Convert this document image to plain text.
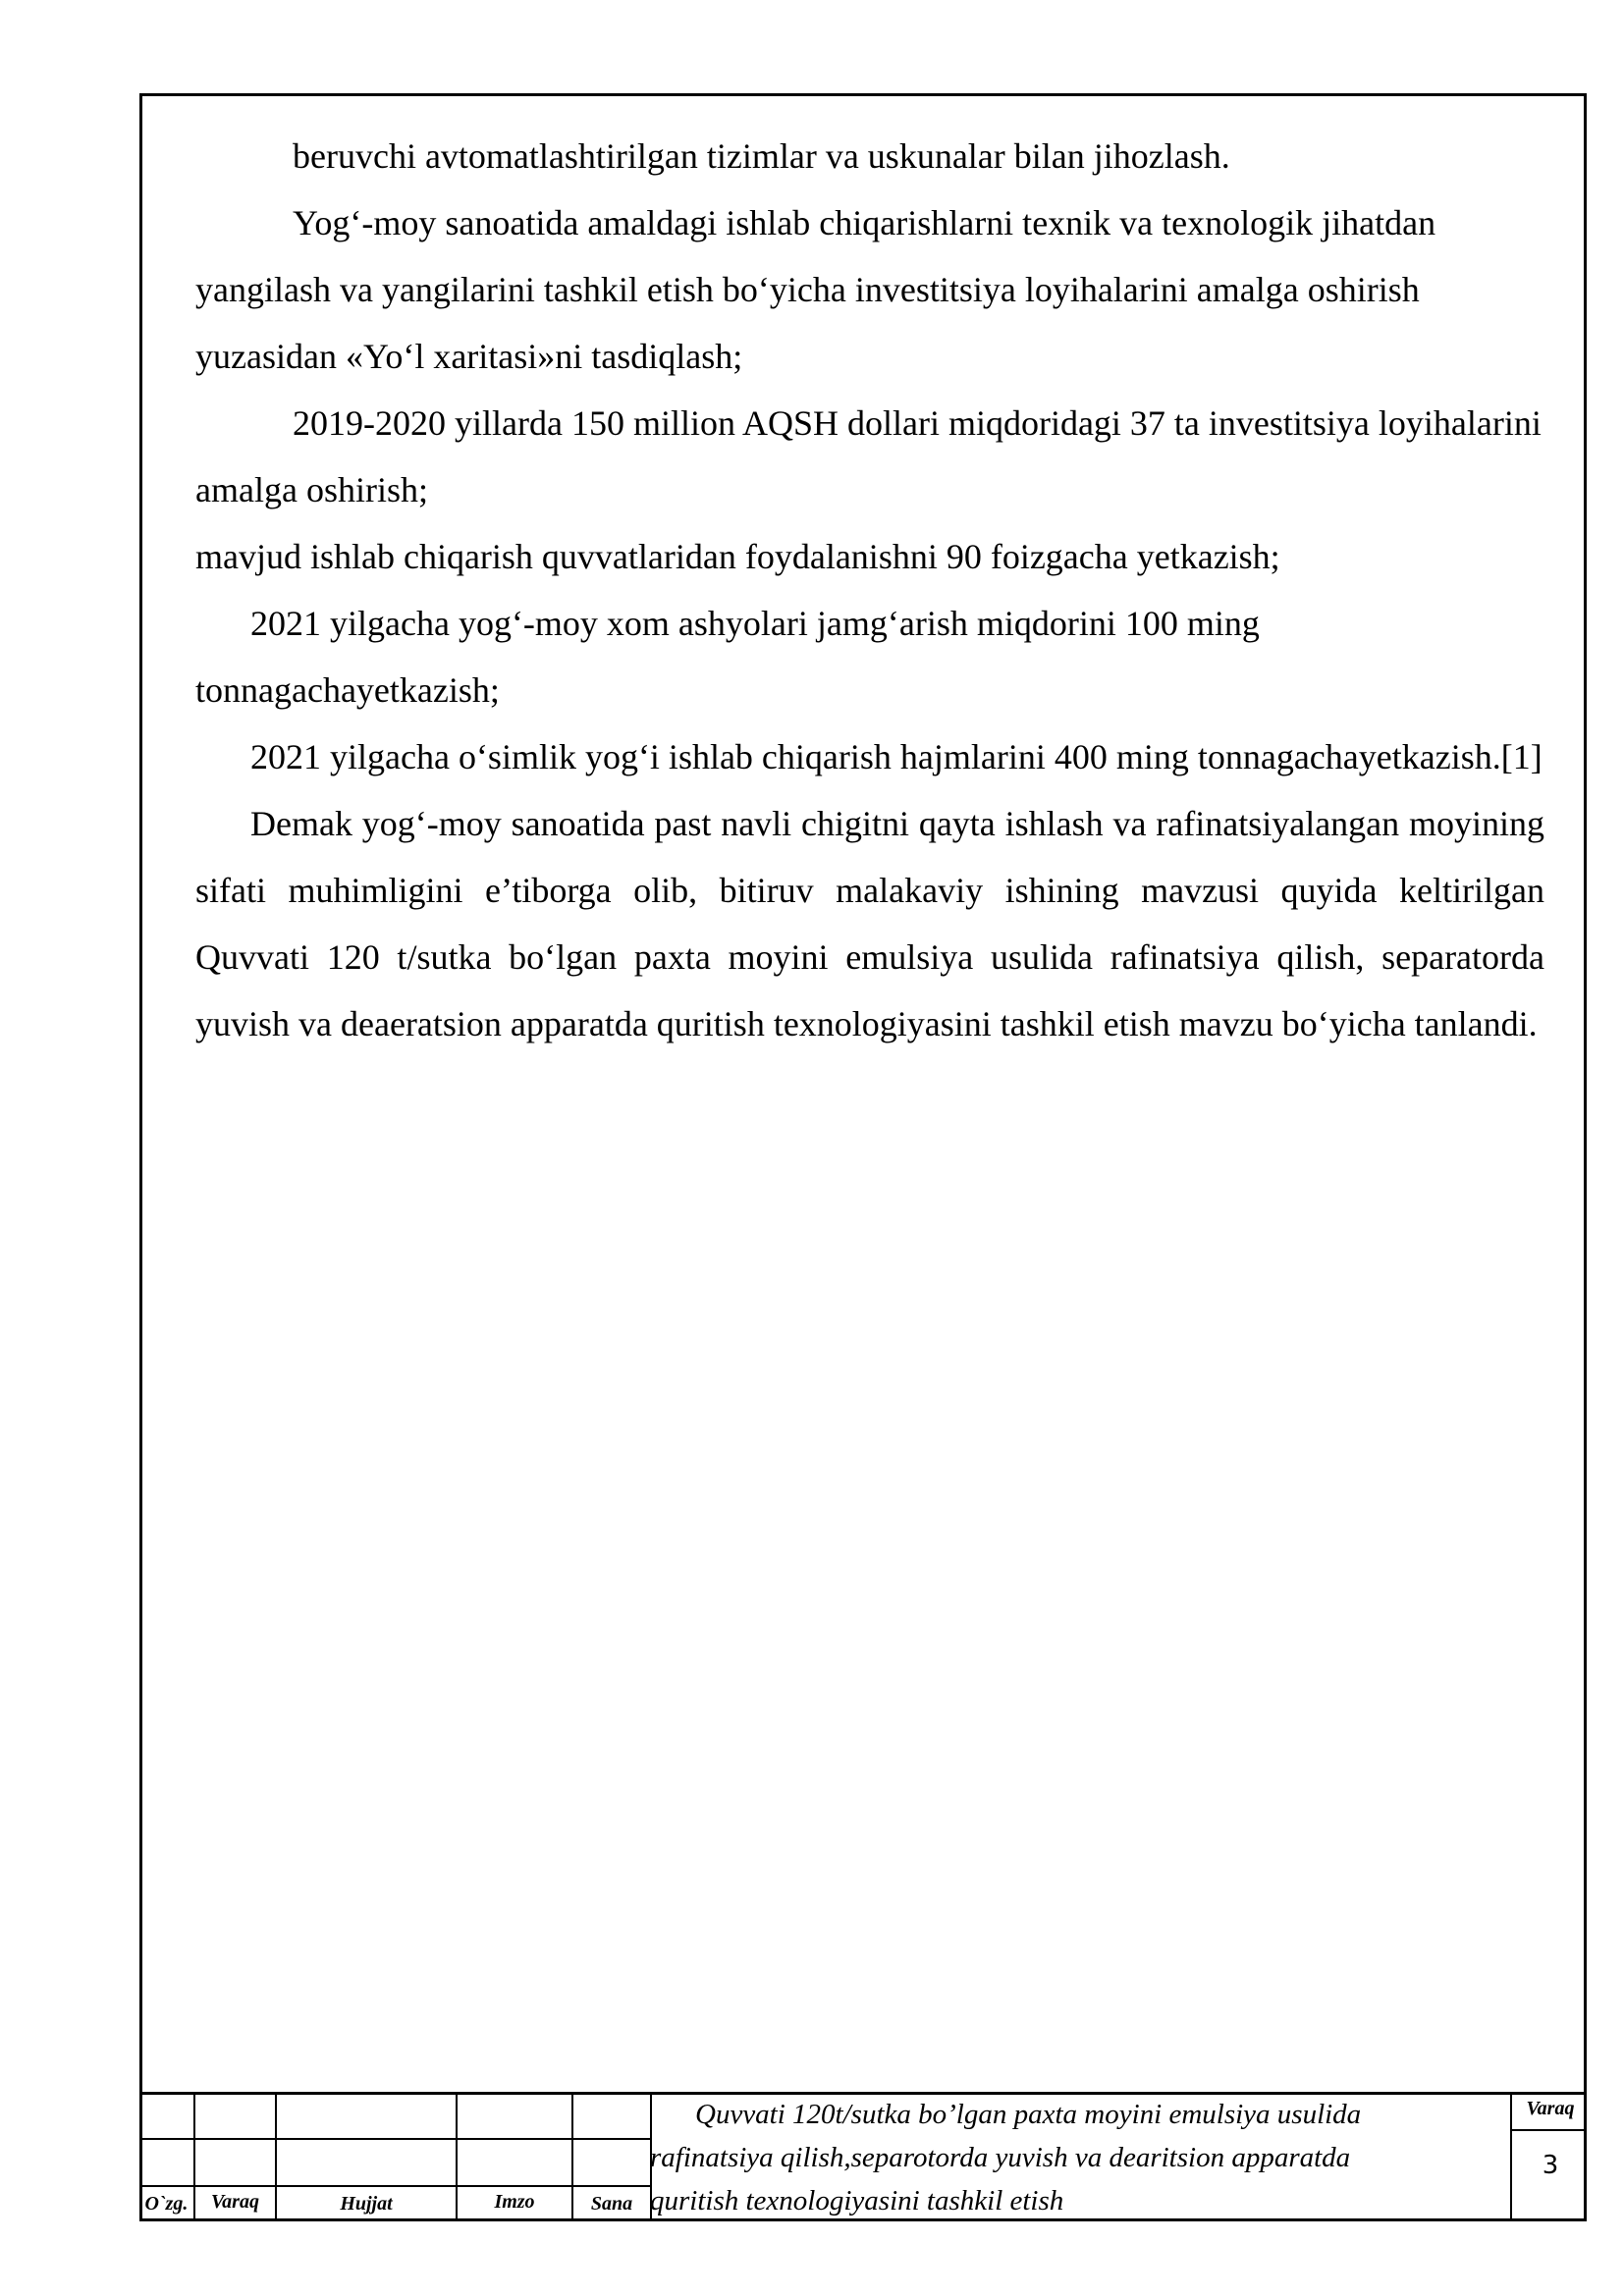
beruvchi avtomatlashtirilgan tizimlar va uskunalar bilan jihozlash.

Yog‘-moy sanoatida amaldagi ishlab chiqarishlarni texnik va texnologik jihatdan yangilash va yangilarini tashkil etish bo‘yicha investitsiya loyihalarini amalga oshirish yuzasidan «Yo‘l xaritasi»ni tasdiqlash;

2019-2020 yillarda 150 million AQSH dollari miqdoridagi 37 ta investitsiya loyihalarini amalga oshirish;

mavjud ishlab chiqarish quvvatlaridan foydalanishni 90 foizgacha yetkazish;

2021 yilgacha yog‘-moy xom ashyolari jamg‘arish miqdorini 100 ming tonnagachayetkazish;

2021 yilgacha o‘simlik yog‘i ishlab chiqarish hajmlarini 400 ming tonnagachayetkazish.[1]

Demak yog‘-moy sanoatida past navli chigitni qayta ishlash va rafinatsiyalangan moyining sifati muhimligini e’tiborga olib, bitiruv malakaviy ishining mavzusi quyida keltirilgan Quvvati 120 t/sutka bo‘lgan paxta moyini emulsiya usulida rafinatsiya qilish, separatorda yuvish va deaeratsion apparatda quritish texnologiyasini tashkil etish mavzu bo‘yicha tanlandi.

O`zg.	Varaq	Hujjat	Imzo	Sana
Quvvati 120t/sutka bo’lgan paxta moyini emulsiya usulida
rafinatsiya qilish,separotorda yuvish va dearitsion apparatda
quritish texnologiyasini tashkil etish
Varaq
3
